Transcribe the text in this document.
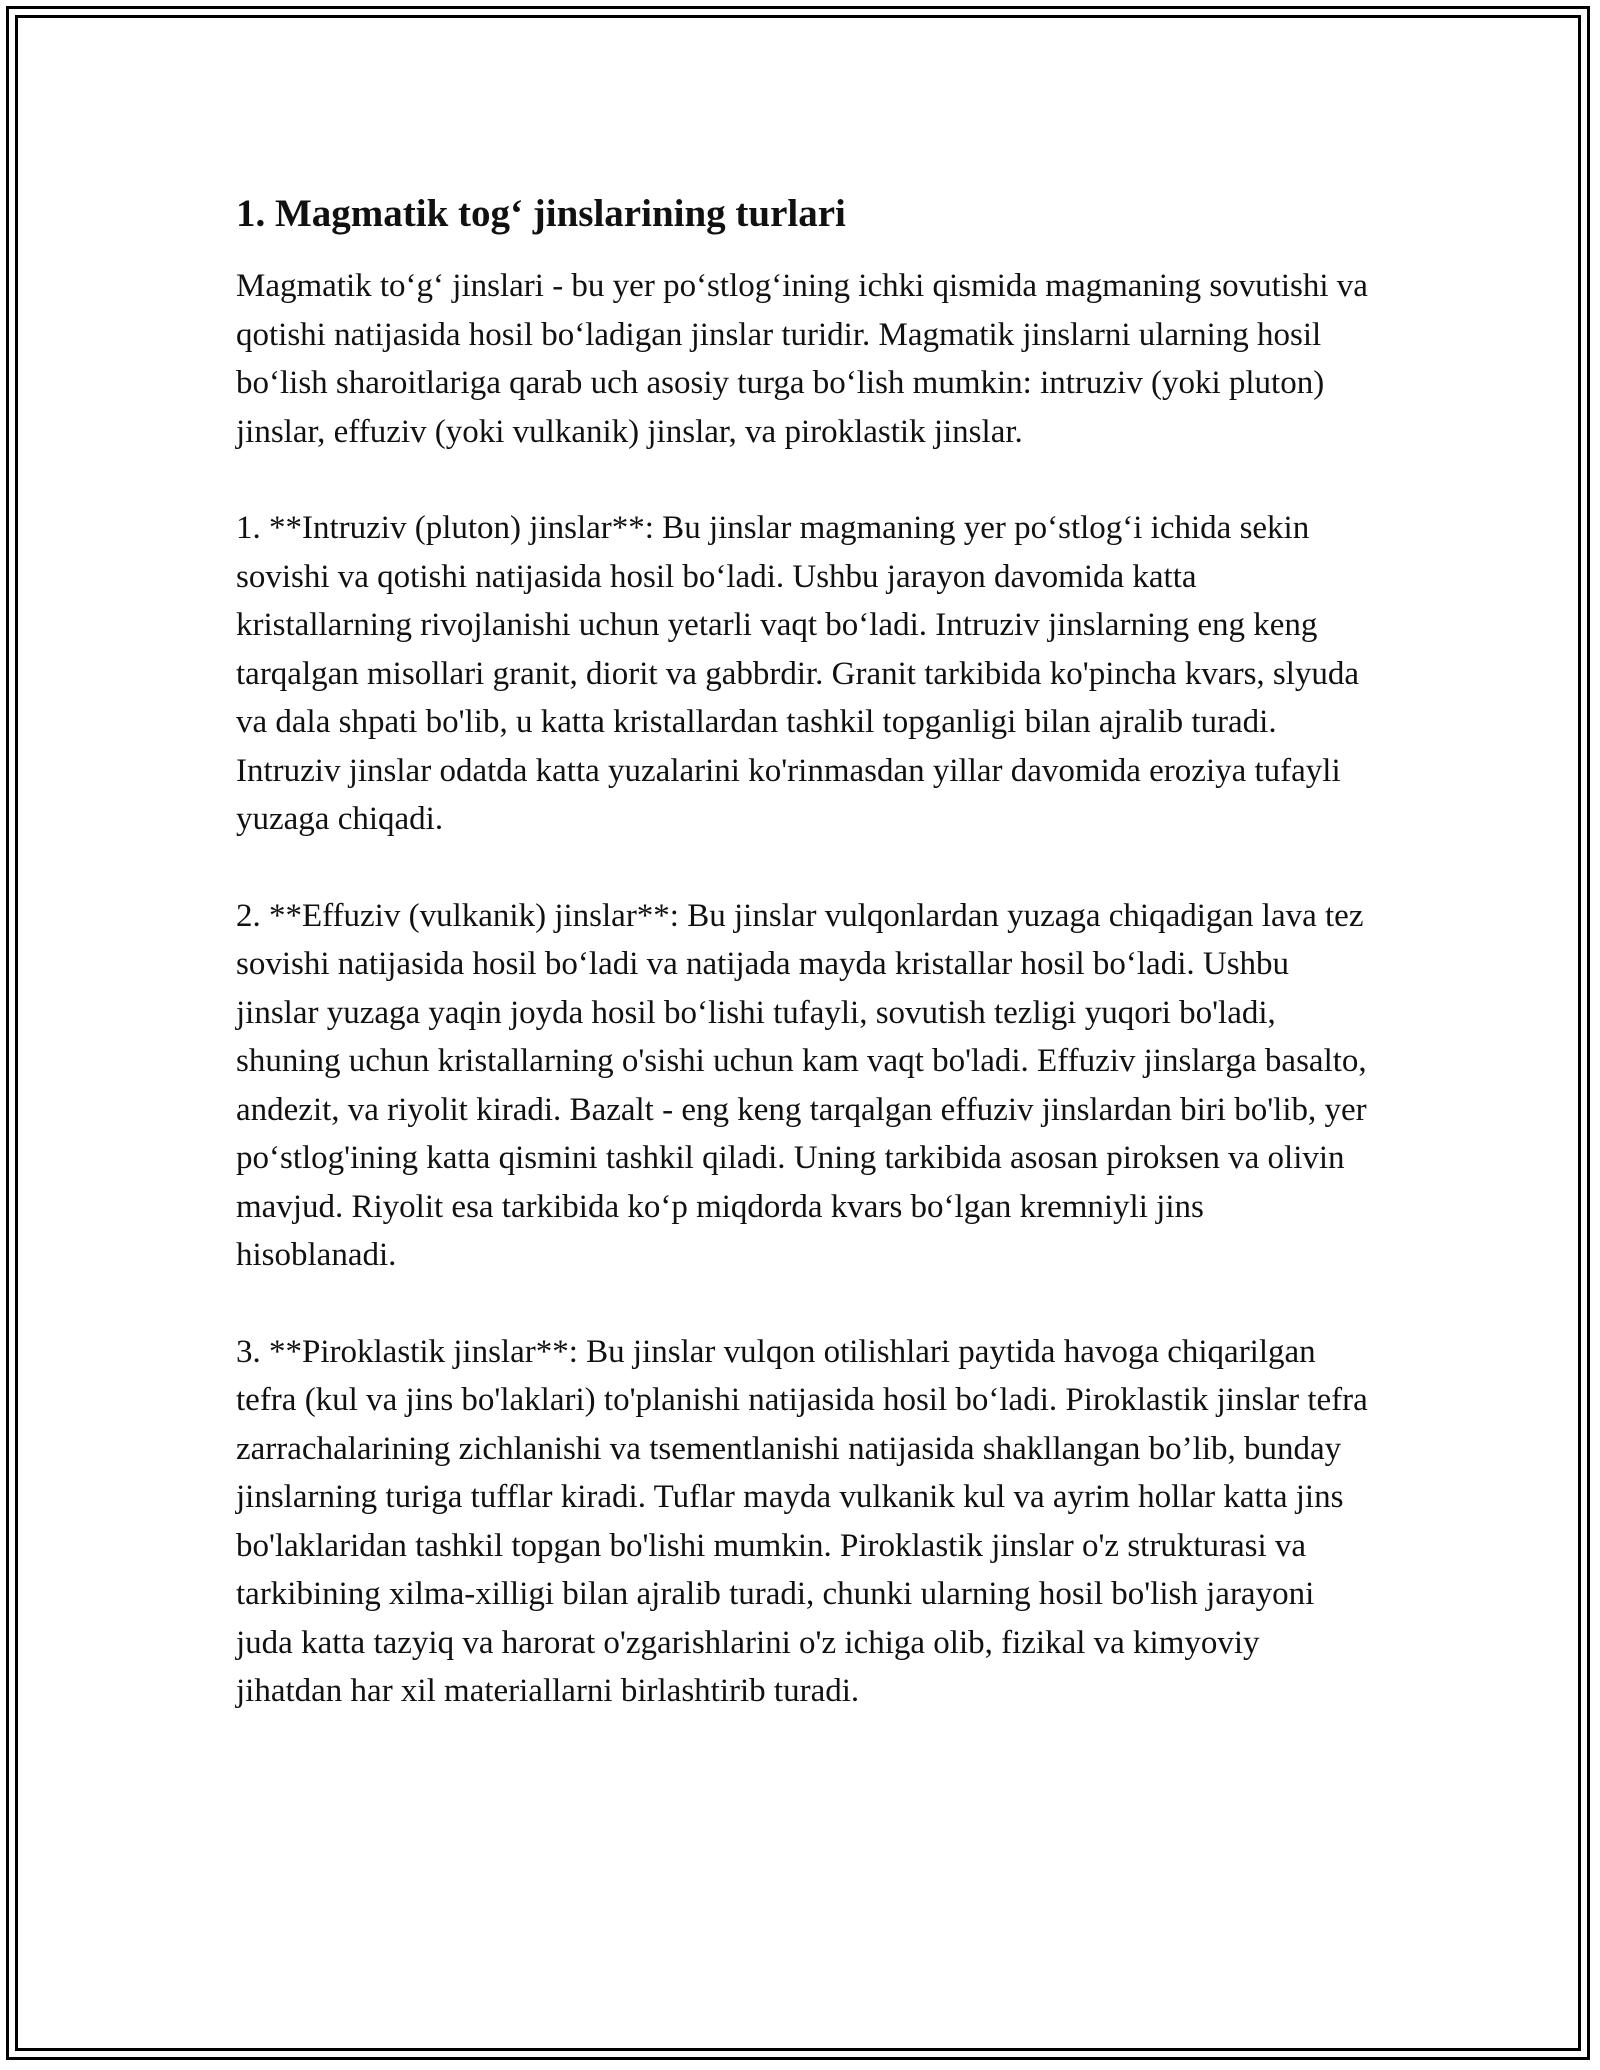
1. Magmatik tog‘ jinslarining turlari

Magmatik to‘g‘ jinslari - bu yer po‘stlog‘ining ichki qismida magmaning sovutishi va qotishi natijasida hosil bo‘ladigan jinslar turidir. Magmatik jinslarni ularning hosil bo‘lish sharoitlariga qarab uch asosiy turga bo‘lish mumkin: intruziv (yoki pluton) jinslar, effuziv (yoki vulkanik) jinslar, va piroklastik jinslar.

1. **Intruziv (pluton) jinslar**: Bu jinslar magmaning yer po‘stlog‘i ichida sekin sovishi va qotishi natijasida hosil bo‘ladi. Ushbu jarayon davomida katta kristallarning rivojlanishi uchun yetarli vaqt bo‘ladi. Intruziv jinslarning eng keng tarqalgan misollari granit, diorit va gabbrdir. Granit tarkibida ko'pincha kvars, slyuda va dala shpati bo'lib, u katta kristallardan tashkil topganligi bilan ajralib turadi. Intruziv jinslar odatda katta yuzalarini ko'rinmasdan yillar davomida eroziya tufayli yuzaga chiqadi.

2. **Effuziv (vulkanik) jinslar**: Bu jinslar vulqonlardan yuzaga chiqadigan lava tez sovishi natijasida hosil bo‘ladi va natijada mayda kristallar hosil bo‘ladi. Ushbu jinslar yuzaga yaqin joyda hosil bo‘lishi tufayli, sovutish tezligi yuqori bo'ladi, shuning uchun kristallarning o'sishi uchun kam vaqt bo'ladi. Effuziv jinslarga basalto, andezit, va riyolit kiradi. Bazalt - eng keng tarqalgan effuziv jinslardan biri bo'lib, yer po‘stlog'ining katta qismini tashkil qiladi. Uning tarkibida asosan piroksen va olivin mavjud. Riyolit esa tarkibida ko‘p miqdorda kvars bo‘lgan kremniyli jins hisoblanadi.

3. **Piroklastik jinslar**: Bu jinslar vulqon otilishlari paytida havoga chiqarilgan tefra (kul va jins bo'laklari) to'planishi natijasida hosil bo‘ladi. Piroklastik jinslar tefra zarrachalarining zichlanishi va tsementlanishi natijasida shakllangan bo’lib, bunday jinslarning turiga tufflar kiradi. Tuflar mayda vulkanik kul va ayrim hollar katta jins bo'laklaridan tashkil topgan bo'lishi mumkin. Piroklastik jinslar o'z strukturasi va tarkibining xilma-xilligi bilan ajralib turadi, chunki ularning hosil bo'lish jarayoni juda katta tazyiq va harorat o'zgarishlarini o'z ichiga olib, fizikal va kimyoviy jihatdan har xil materiallarni birlashtirib turadi.
